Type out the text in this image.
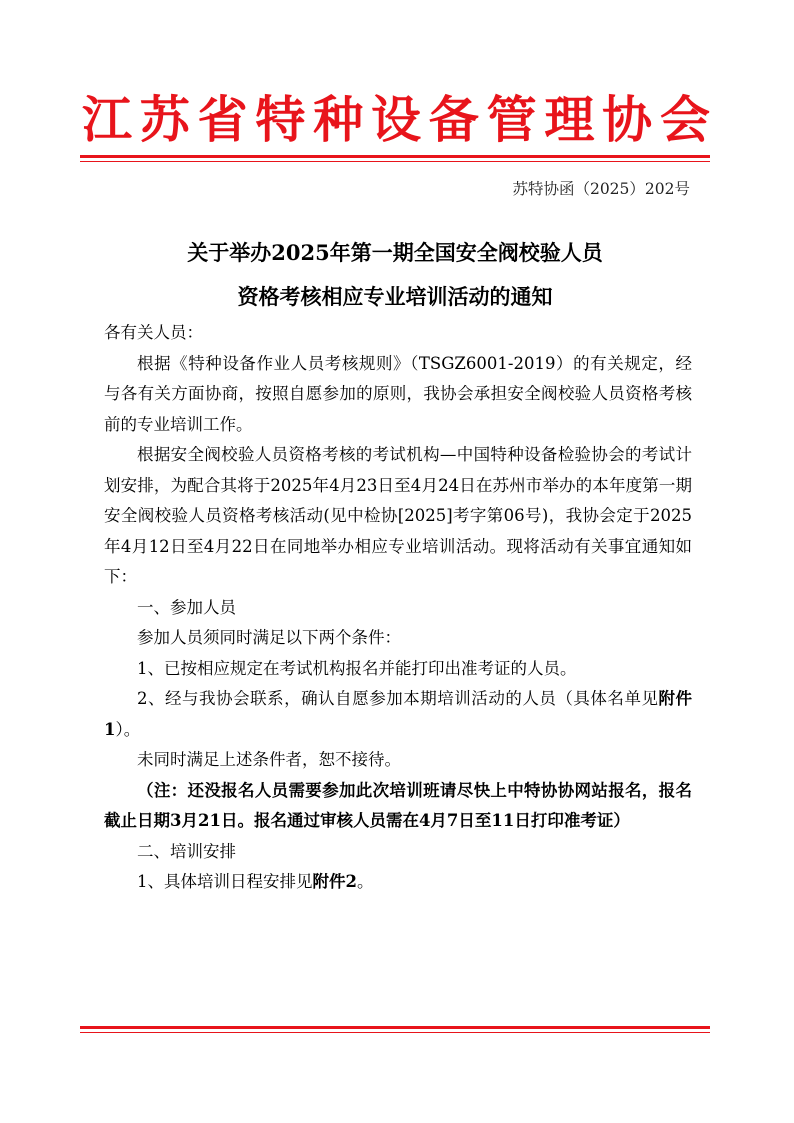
江 苏 省 特 种 设 备 管 理 协 会
苏特协函（2025）202号
关于举办2025年第一期全国安全阀校验人员
资格考核相应专业培训活动的通知

各有关人员：

根据《特种设备作业人员考核规则》（TSGZ6001-2019）的有关规定，经与各有关方面协商，按照自愿参加的原则，我协会承担安全阀校验人员资格考核前的专业培训工作。

根据安全阀校验人员资格考核的考试机构—中国特种设备检验协会的考试计划安排，为配合其将于2025年4月23日至4月24日在苏州市举办的本年度第一期安全阀校验人员资格考核活动(见中检协[2025]考字第06号)，我协会定于2025年4月12日至4月22日在同地举办相应专业培训活动。现将活动有关事宜通知如下：

一、参加人员

参加人员须同时满足以下两个条件：

1、已按相应规定在考试机构报名并能打印出准考证的人员。

2、经与我协会联系，确认自愿参加本期培训活动的人员（具体名单见附件1）。

未同时满足上述条件者，恕不接待。

（注：还没报名人员需要参加此次培训班请尽快上中特协协网站报名，报名截止日期3月21日。报名通过审核人员需在4月7日至11日打印准考证）

二、培训安排

1、具体培训日程安排见附件2。
